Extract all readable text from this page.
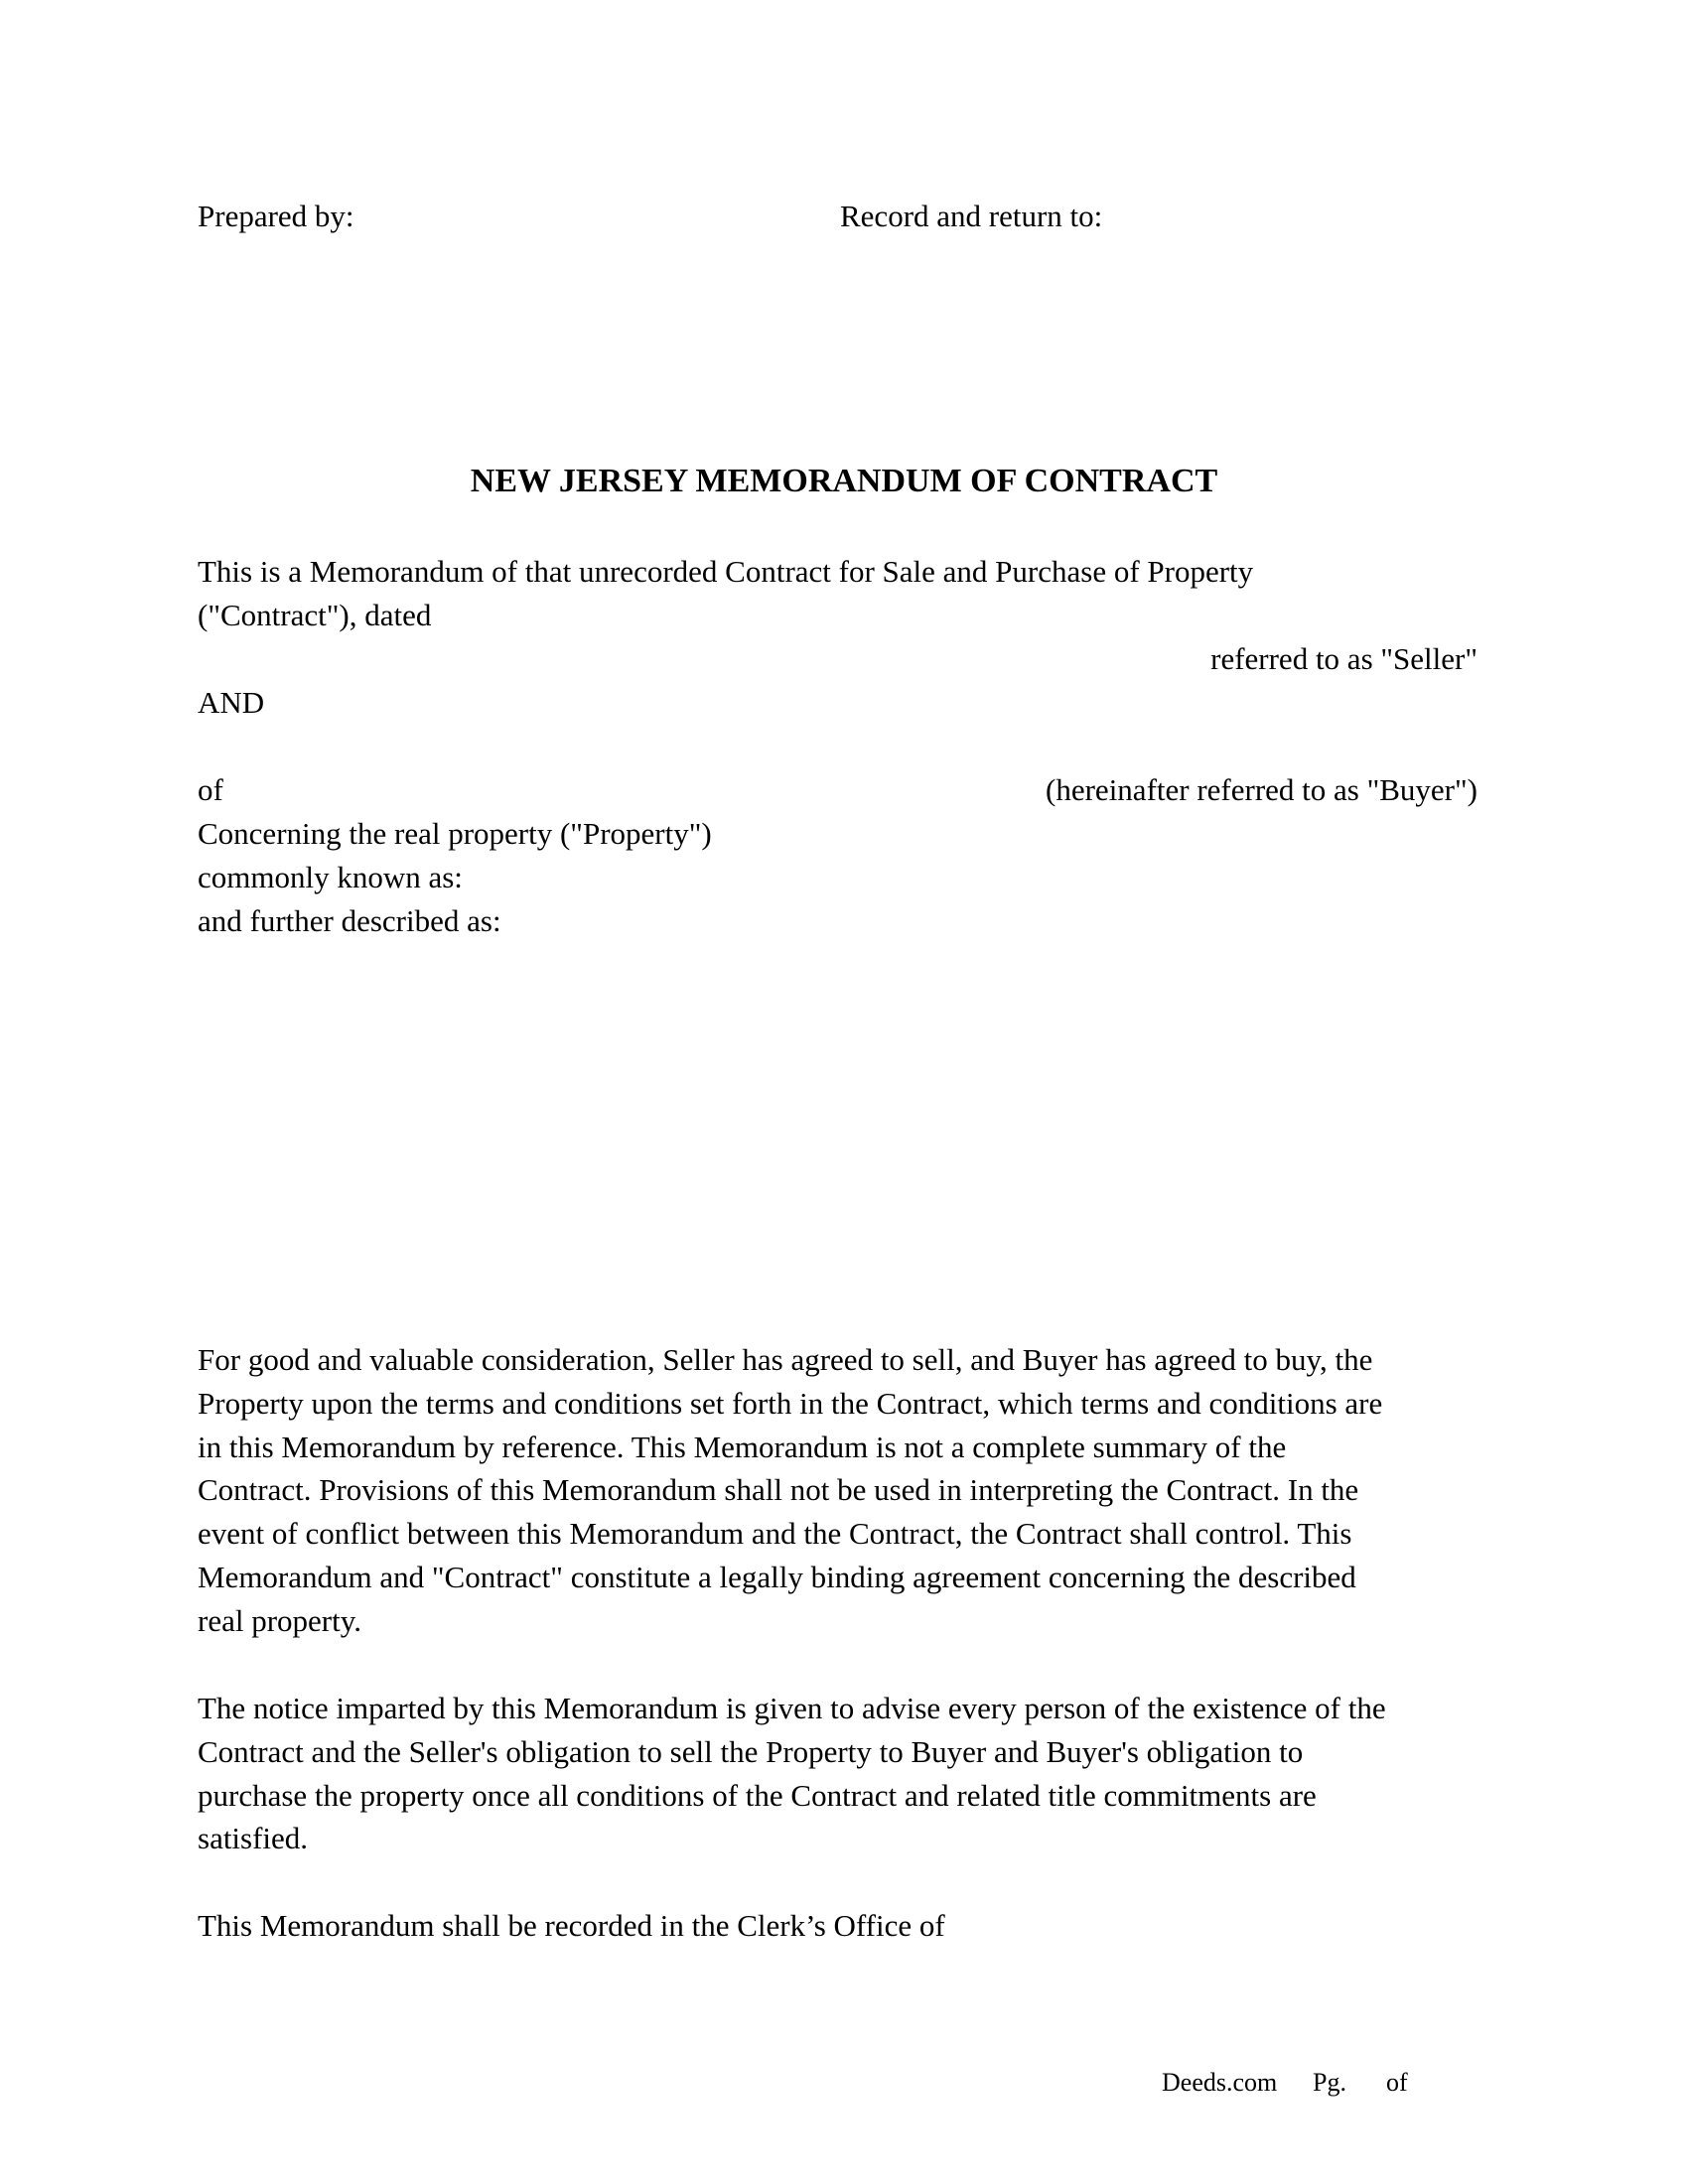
Prepared by:	Record and return to:

NEW JERSEY MEMORANDUM OF CONTRACT

This is a Memorandum of that unrecorded Contract for Sale and Purchase of Property

("Contract"), dated

referred to as "Seller"

AND

of	(hereinafter referred to as "Buyer")

Concerning the real property ("Property")

commonly known as:

and further described as:

For good and valuable consideration, Seller has agreed to sell, and Buyer has agreed to buy, the
Property upon the terms and conditions set forth in the Contract, which terms and conditions are
in this Memorandum by reference. This Memorandum is not a complete summary of the
Contract. Provisions of this Memorandum shall not be used in interpreting the Contract. In the
event of conflict between this Memorandum and the Contract, the Contract shall control. This
Memorandum and "Contract" constitute a legally binding agreement concerning the described
real property.
The notice imparted by this Memorandum is given to advise every person of the existence of the
Contract and the Seller's obligation to sell the Property to Buyer and Buyer's obligation to
purchase the property once all conditions of the Contract and related title commitments are
satisfied.

This Memorandum shall be recorded in the Clerk’s Office of

Deeds.com Pg. of
